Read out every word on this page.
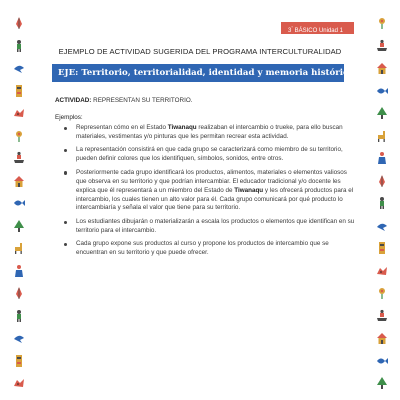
3° BÁSICO Unidad 1
EJEMPLO DE ACTIVIDAD SUGERIDA DEL PROGRAMA INTERCULTURALIDAD
EJE: Territorio, territorialidad, identidad y memoria histórica.
ACTIVIDAD: REPRESENTAN SU TERRITORIO.
Ejemplos:
Representan cómo en el Estado Tiwanaqu realizaban el intercambio o trueke, para ello buscan materiales, vestimentas y/o pinturas que les permitan recrear esta actividad.
La representación consistirá en que cada grupo se caracterizará como miembro de su territorio, pueden definir colores que los identifiquen, símbolos, sonidos, entre otros.
Posteriormente cada grupo identificará los productos, alimentos, materiales o elementos valiosos que observa en su territorio y que podrían intercambiar. El educador tradicional y/o docente les explica que él representará a un miembro del Estado de Tiwanaqu y les ofrecerá productos para el intercambio, los cuales tienen un alto valor para él. Cada grupo comunicará por qué producto lo intercambiaría y señala el valor que tiene para su territorio.
Los estudiantes dibujarán o materializarán a escala los productos o elementos que identifican en su territorio para el intercambio.
Cada grupo expone sus productos al curso y propone los productos de intercambio que se encuentran en su territorio y que puede ofrecer.
